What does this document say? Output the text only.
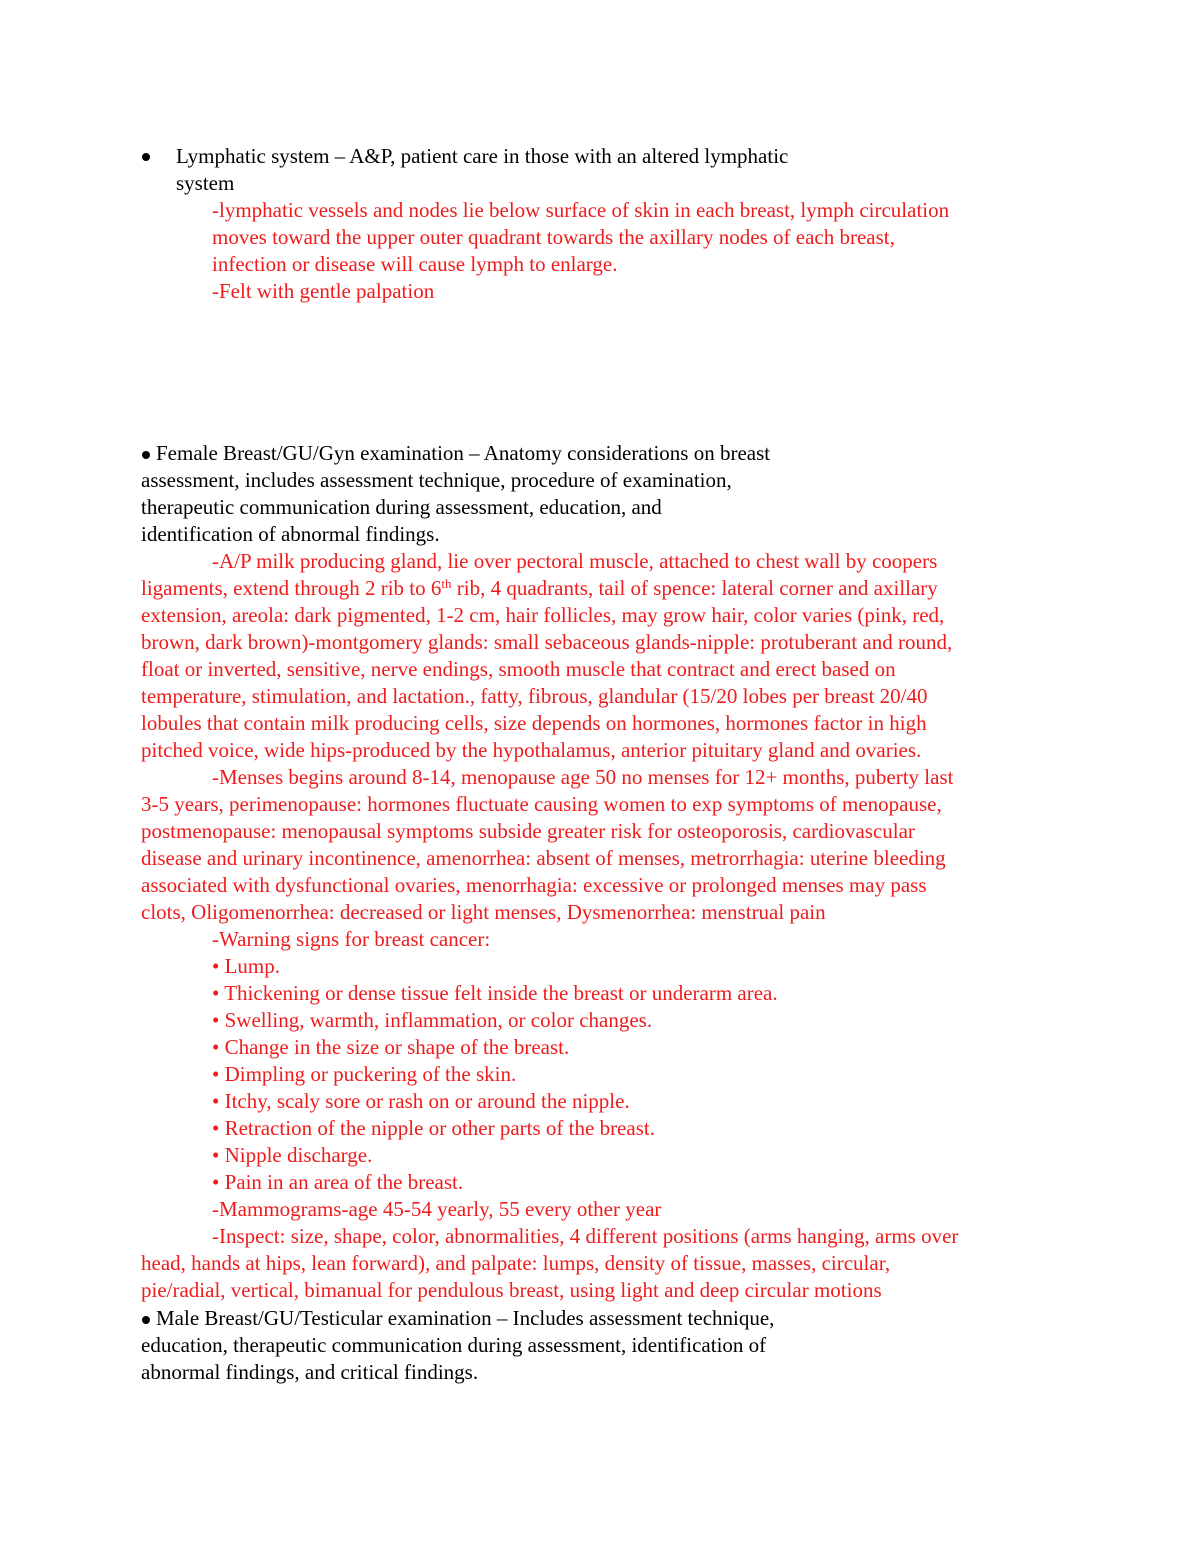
Lymphatic system – A&P, patient care in those with an altered lymphatic

system

-lymphatic vessels and nodes lie below surface of skin in each breast, lymph circulation

moves toward the upper outer quadrant towards the axillary nodes of each breast,

infection or disease will cause lymph to enlarge.

-Felt with gentle palpation

Female Breast/GU/Gyn examination – Anatomy considerations on breast

assessment, includes assessment technique, procedure of examination,

therapeutic communication during assessment, education, and

identification of abnormal findings.

-A/P milk producing gland, lie over pectoral muscle, attached to chest wall by coopers

ligaments, extend through 2 rib to 6th rib, 4 quadrants, tail of spence: lateral corner and axillary

extension, areola: dark pigmented, 1-2 cm, hair follicles, may grow hair, color varies (pink, red,

brown, dark brown)-montgomery glands: small sebaceous glands-nipple: protuberant and round,

float or inverted, sensitive, nerve endings, smooth muscle that contract and erect based on

temperature, stimulation, and lactation., fatty, fibrous, glandular (15/20 lobes per breast 20/40

lobules that contain milk producing cells, size depends on hormones, hormones factor in high

pitched voice, wide hips-produced by the hypothalamus, anterior pituitary gland and ovaries.

-Menses begins around 8-14, menopause age 50 no menses for 12+ months, puberty last

3-5 years, perimenopause: hormones fluctuate causing women to exp symptoms of menopause,

postmenopause: menopausal symptoms subside greater risk for osteoporosis, cardiovascular

disease and urinary incontinence, amenorrhea: absent of menses, metrorrhagia: uterine bleeding

associated with dysfunctional ovaries, menorrhagia: excessive or prolonged menses may pass

clots, Oligomenorrhea: decreased or light menses, Dysmenorrhea: menstrual pain

-Warning signs for breast cancer:

• Lump.

• Thickening or dense tissue felt inside the breast or underarm area.

• Swelling, warmth, inflammation, or color changes.

• Change in the size or shape of the breast.

• Dimpling or puckering of the skin.

• Itchy, scaly sore or rash on or around the nipple.

• Retraction of the nipple or other parts of the breast.

• Nipple discharge.

• Pain in an area of the breast.

-Mammograms-age 45-54 yearly, 55 every other year

-Inspect: size, shape, color, abnormalities, 4 different positions (arms hanging, arms over

head, hands at hips, lean forward), and palpate: lumps, density of tissue, masses, circular,

pie/radial, vertical, bimanual for pendulous breast, using light and deep circular motions

Male Breast/GU/Testicular examination – Includes assessment technique,

education, therapeutic communication during assessment, identification of

abnormal findings, and critical findings.
